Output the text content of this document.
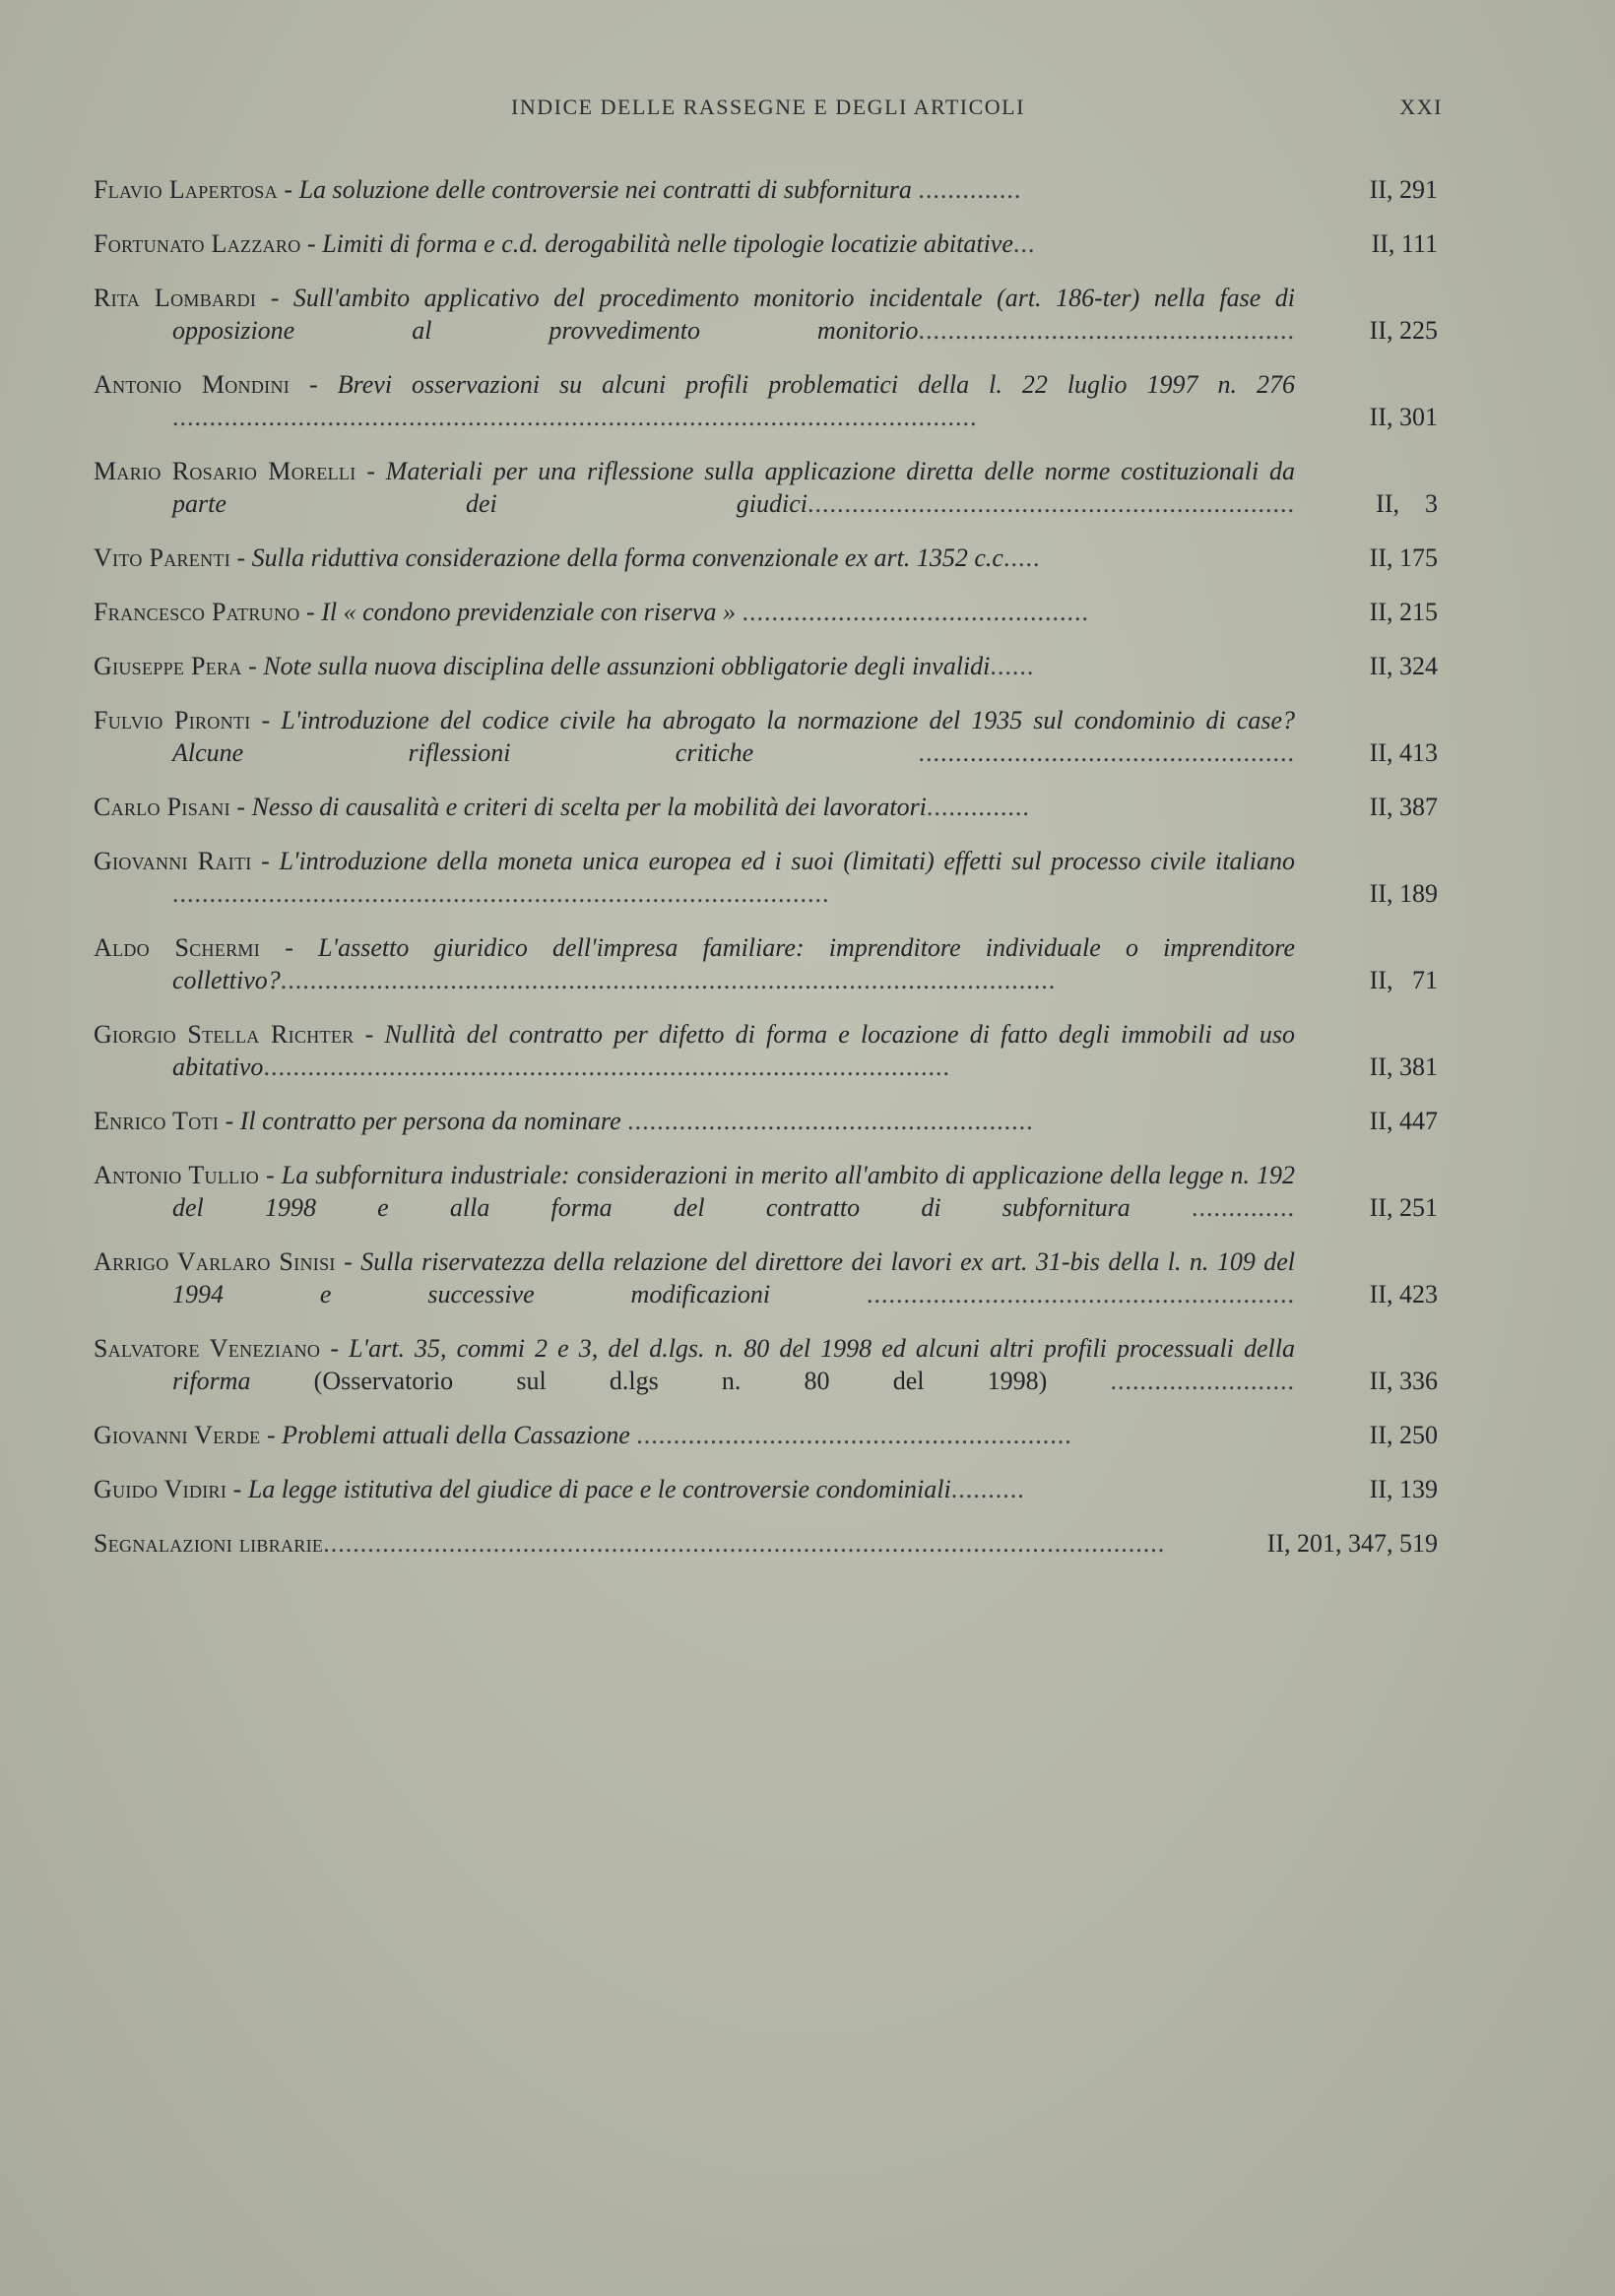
INDICE DELLE RASSEGNE E DEGLI ARTICOLI	XXI
Flavio Lapertosa - La soluzione delle controversie nei contratti di subfornitura ..............	II, 291
Fortunato Lazzaro - Limiti di forma e c.d. derogabilità nelle tipologie locatizie abitative...	II, 111
Rita Lombardi - Sull'ambito applicativo del procedimento monitorio incidentale (art. 186-ter) nella fase di opposizione al provvedimento monitorio...................................................	II, 225
Antonio Mondini - Brevi osservazioni su alcuni profili problematici della l. 22 luglio 1997 n. 276 .............................................................................................................	II, 301
Mario Rosario Morelli - Materiali per una riflessione sulla applicazione diretta delle norme costituzionali da parte dei giudici..................................................................	II,    3
Vito Parenti - Sulla riduttiva considerazione della forma convenzionale ex art. 1352 c.c.....	II, 175
Francesco Patruno - Il « condono previdenziale con riserva » ...............................................	II, 215
Giuseppe Pera - Note sulla nuova disciplina delle assunzioni obbligatorie degli invalidi......	II, 324
Fulvio Pironti - L'introduzione del codice civile ha abrogato la normazione del 1935 sul condominio di case? Alcune riflessioni critiche	...................................................	II, 413
Carlo Pisani - Nesso di causalità e criteri di scelta per la mobilità dei lavoratori..............	II, 387
Giovanni Raiti - L'introduzione della moneta unica europea ed i suoi (limitati) effetti sul processo civile italiano .........................................................................................	II, 189
Aldo Schermi - L'assetto giuridico dell'impresa familiare: imprenditore individuale o imprenditore collettivo?.........................................................................................................	II,   71
Giorgio Stella Richter - Nullità del contratto per difetto di forma e locazione di fatto degli immobili ad uso abitativo.............................................................................................	II, 381
Enrico Toti - Il contratto per persona da nominare .......................................................	II, 447
Antonio Tullio - La subfornitura industriale: considerazioni in merito all'ambito di applicazione della legge n. 192 del 1998 e alla forma del contratto di subfornitura ..............	II, 251
Arrigo Varlaro Sinisi - Sulla riservatezza della relazione del direttore dei lavori ex art. 31-bis della l. n. 109 del 1994 e successive modificazioni	..........................................................	II, 423
Salvatore Veneziano - L'art. 35, commi 2 e 3, del d.lgs. n. 80 del 1998 ed alcuni altri profili processuali della riforma (Osservatorio sul d.lgs n. 80 del 1998) .........................	II, 336
Giovanni Verde - Problemi attuali della Cassazione ...........................................................	II, 250
Guido Vidiri - La legge istitutiva del giudice di pace e le controversie condominiali..........	II, 139
Segnalazioni librarie..................................................................................................................	II, 201, 347, 519
